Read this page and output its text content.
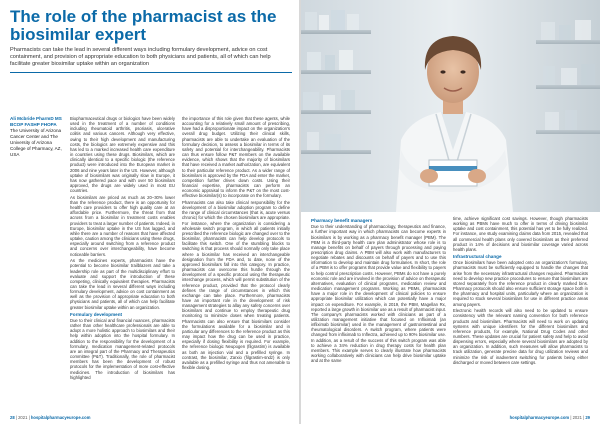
The role of the pharmacist as the biosimilar expert

Pharmacists can take the lead in several different ways including formulary development, advice on cost containment, and provision of appropriate education to both physicians and patients, all of which can help facilitate greater biosimilar uptake within an organization

Ali Mcbride PharmD MS BCOP FASHP FHOPA
The University of Arizona Cancer Center and The University of Arizona College of Pharmacy, AZ, USA

Biopharmaceutical drugs or biologics have been widely used in the treatment of a number of conditions including rheumatoid arthritis, psoriasis, ulcerative colitis and various cancers. Although very effective, owing to their high development and manufacturing costs, the biologics are extremely expensive and this has led to a marked increased health care expenditure in countries using these drugs. Biosimilars, which are clinically identical to a specific biologic (the reference product) were introduced into the European market in 2006 and nine years later in the US. However, although uptake of biosimilars was originally slow in Europe, it has now gathered pace and with over 50 biosimilars approved, the drugs are widely used in most EU countries.

As biosimilars are priced as much as 20–30% lower than the reference product, there is an opportunity for health care providers to offer high quality care at an affordable price. Furthermore, the threat from that across from a biosimilar in treatment costs enables providers to treat a larger number of patients. Indeed, in Europe, biosimilar uptake in the US has lagged, and while there are a number of reasons that have affected uptake, caution among the clinicians using these drugs, especially around switching from a reference product and concerns over interchangeability, have become noticeable barriers.

As the medicines experts, pharmacists have the potential to become biosimilar trailblazers and take a leadership role as part of the multidisciplinary effort to evaluate and support the introduction of these competing, clinically equivalent therapies. Pharmacists can take the lead in several different ways including formulary development, advice on cost containment as well as the provision of appropriate education to both physicians and patients, all of which can help facilitate greater biosimilar uptake within an organization.

Formulary development

Due to their clinical and financial nuances, pharmacists rather than other healthcare professionals are able to adopt a more holistic approach to biosimilars and their help within adoption into the hospital formulary. In addition to the responsibility for the development of a formulary, medication management-related protocols are an integral part of the Pharmacy and Therapeutics committee (P&T). Traditionally, the role of pharmacist members has been the development of robust protocols for the implementation of more cost-effective medicines. The introduction of biosimilars has highlighted

the importance of this role given that these agents, while accounting for a relatively small amount of prescribing, have had a disproportionate impact on the organization's overall drug budget. Utilizing their clinical skills, pharmacists are able to undertake an evaluation of the formulary decision, to assess a biosimilar in terms of its safety and potential for interchangeability. Pharmacists can thus ensure follow P&T members on the available evidence, which shows that the majority of biosimilars that have received a market authorization, are equivalent to their particular reference product. As a wider range of biosimilars is approved by the FDA and enter the market, competition further drives down costs. Using their financial expertise, pharmacists can perform an economic appraisal to inform the P&T on the most cost-effective biosimilar(s) to incorporate on the formulary.

Pharmacists can also take clinical responsibility for the development of a biosimilar adoption program to define the range of clinical circumstances (that is, acute versus chronic) for which the chosen biosimilars are appropriate. For instance, where the organization is considering a wholesale switch program, in which all patients initially prescribed the reference biologic are changed over to the biosimilar, pharmacists can help develop protocols to facilitate this switch. One of the stumbling blocks to switching is that process should normally only take place where a biosimilar has received an interchangeable designation from the FDA and, to date, none of the approved biosimilars fall into this category. In practice, pharmacists can overcome this hurdle through the development of a specific protocol using the therapeutic interchange process, which will permit substitution of the reference product, provided that the protocol clearly defines the range of circumstances in which this exchange can take place. Furthermore, pharmacists have an important role in the development of risk management strategies to allay any safety concerns over biosimilars and continue to employ therapeutic drug monitoring to minimize doses when treating patients. Pharmacists can also ensure that biosimilars consider the formulations available for a biosimilar and in particular any differences to the reference product as this may impact how the drug can be used in practice, especially if dosing flexibility is required. For example, the reference biologic Neupogen (filgrastim) is available as both an injection vial and a prefilled syringe. In contrast, the biosimilar, Zarxio (filgrastim-sndz) is only available as a prefilled syringe and thus not amenable to flexible dosing.

28 | 2021 | hospitalpharmacyeurope.com
Pharmacy benefit managers

Due to their understanding of pharmacology, therapeutics and finance, a further important way in which pharmacists can become experts in biosimilars is by working as a pharmacy benefit manager (PBM). The PBM is a third-party health care plan administrator whose role is to manage benefits on behalf of payers through processing and paying prescription drug claims. A PBM will also work with manufacturers to negotiate rebates and discounts on behalf of payers and to use this information to develop and maintain drug formularies. In short, the role of a PBM is to offer programs that provide value and flexibility to payers to help control prescription costs. However, PBMs do not have a purely economic role and are involved in the provision of advice on therapeutic alternatives, evaluation of clinical programs, medication review and medication management programs. Working as PBMs, pharmacists have a major role in the development of clinical policies to ensure appropriate biosimilar utilization which can potentially have a major impact on expenditure. For example, in 2019, the PBM, Magellan Rx, reported a large growth in biosimilar use as a result of pharmacist input. The company's pharmacists worked with clinicians as part of a utilization management initiative that focused on Infliximab (an infliximab biosimilar) used in the management of gastrointestinal and rheumatological disorders. A switch program, where patients were changed from infliximab to Inflectra, achieved up to 90% biosimilar use. In addition, as a result of the success of this switch program was able to achieve a 34% reduction in drug therapy costs for health plan members. This example serves to clearly illustrate how pharmacists working collaboratively with clinicians can help drive biosimilar uptake and at the same

time, achieve significant cost savings. However, though pharmacists working as PBMs have much to offer in terms of driving biosimilar uptake and cost containment, this potential has yet to be fully realized. For instance, one study examining claims data from 2015, revealed that all commercial health plans only covered biosimilars as their preferred product in 14% of decisions and biosimilar coverage varied across health plans.

Infrastructural change

Once biosimilars have been adopted onto an organization's formulary, pharmacists must be sufficiently equipped to handle the changes that arise from the necessary infrastructural changes required. Pharmacists need to develop new practice procedures to ensure that biosimilars are stored separately from the reference product in clearly marked bins. Pharmacy protocols should also ensure sufficient storage space both in the pharmacy and hospital units, particularly where an organization is required to stock several biosimilars for use in different practice areas among payers.

Electronic health records will also need to be updated to ensure consistency with the relevant naming convention for both reference products and biosimilars. Pharmacists will need to work on updating systems with unique identifiers for the different biosimilars and reference products, for example, National Drug Codes and other numbers. These updates are crucial for patient safety and help to avoid dispensing errors, especially where several biosimilars are adopted by an organization. In addition, such measures will allow pharmacists to track utilization, generate precise data for drug utilization reviews and minimize the risk of inadvertent switching for patients being either discharged or moved between care settings.

hospitalpharmacyeurope.com | 2021 | 29
